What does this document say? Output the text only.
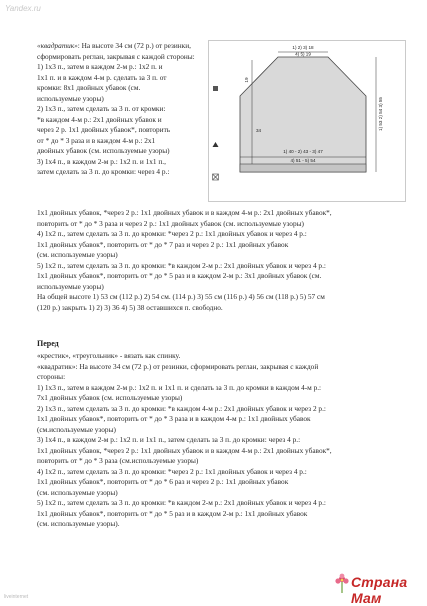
Yandex.ru

«квадратик»: На высоте 34 см (72 р.) от резинки, сформировать реглан, закрывая с каждой стороны:

1) 1x3 п., затем в каждом 2-м р.: 1x2 п. и

1x1 п. и в каждом 4-м р. сделать за 3 п. от

кромки: 8x1 двойных убавок (см.

используемые узоры)

2) 1x3 п., затем сделать за 3 п. от кромки:

*в каждом 4-м р.: 2x1 двойных убавок и

через 2 р. 1x1 двойных убавок*, повторить

от * до * 3 раза и в каждом 4-м р.: 2x1

двойных убавок (см. используемые узоры)

3) 1x4 п., в каждом 2-м р.: 1x2 п. и 1x1 п.,

затем сделать за 3 п. до кромки: через 4 р.:

1) 2) 3) 18
4) 5) 19
19
34	1) 53 2) 54 3) 55
1) 40 - 2) 43 - 3) 47
4) 51 - 5) 54

1x1 двойных убавок, *через 2 р.: 1x1 двойных убавок и в каждом 4-м р.: 2x1 двойных убавок*,

повторить от * до * 3 раза и через 2 р.: 1x1 двойных убавок (см. используемые узоры)

4) 1x2 п., затем сделать за 3 п. до кромки: *через 2 р.: 1x1 двойных убавок и через 4 р.:

1x1 двойных убавок*, повторить от * до * 7 раз и через 2 р.: 1x1 двойных убавок

(см. используемые узоры)

5) 1x2 п., затем сделать за 3 п. до кромки: *в каждом 2-м р.: 2x1 двойных убавок и через 4 р.:

1x1 двойных убавок*, повторить от * до * 5 раз и в каждом 2-м р.: 3x1 двойных убавок (см.

используемые узоры)

На общей высоте 1) 53 см (112 р.) 2) 54 см. (114 р.) 3) 55 см (116 р.) 4) 56 см (118 р.) 5) 57 см

(120 р.) закрыть 1) 2) 3) 36 4) 5) 38 оставшихся п. свободно.

Перед

«крестик», «треугольник» - вязать как спинку.

«квадратик»: На высоте 34 см (72 р.) от резинки, сформировать реглан, закрывая с каждой

стороны:

1) 1x3 п., затем в каждом 2-м р.: 1x2 п. и 1x1 п. и сделать за 3 п. до кромки в каждом 4-м р.:

7x1 двойных убавок (см. используемые узоры)

2) 1x3 п., затем сделать за 3 п. до кромки: *в каждом 4-м р.: 2x1 двойных убавок и через 2 р.:

1x1 двойных убавок*, повторить от * до * 3 раза и в каждом 4-м р.: 1x1 двойных убавок

(см.используемые узоры)

3) 1x4 п., в каждом 2-м р.: 1x2 п. и 1x1 п., затем сделать за 3 п. до кромки: через 4 р.:

1x1 двойных убавок, *через 2 р.: 1x1 двойных убавок и в каждом 4-м р.: 2x1 двойных убавок*,

повторить от * до * 3 раза (см.используемые узоры)

4) 1x2 п., затем сделать за 3 п. до кромки: *через 2 р.: 1x1 двойных убавок и через 4 р.:

1x1 двойных убавок*, повторить от * до * 6 раз и через 2 р.: 1x1 двойных убавок

(см. используемые узоры)

5) 1x2 п., затем сделать за 3 п. до кромки: *в каждом 2-м р.: 2x1 двойных убавок и через 4 р.:

1x1 двойных убавок*, повторить от * до * 5 раз и в каждом 2-м р.: 1x1 двойных убавок

(см. используемые узоры).

liveinternet
Страна Мам
